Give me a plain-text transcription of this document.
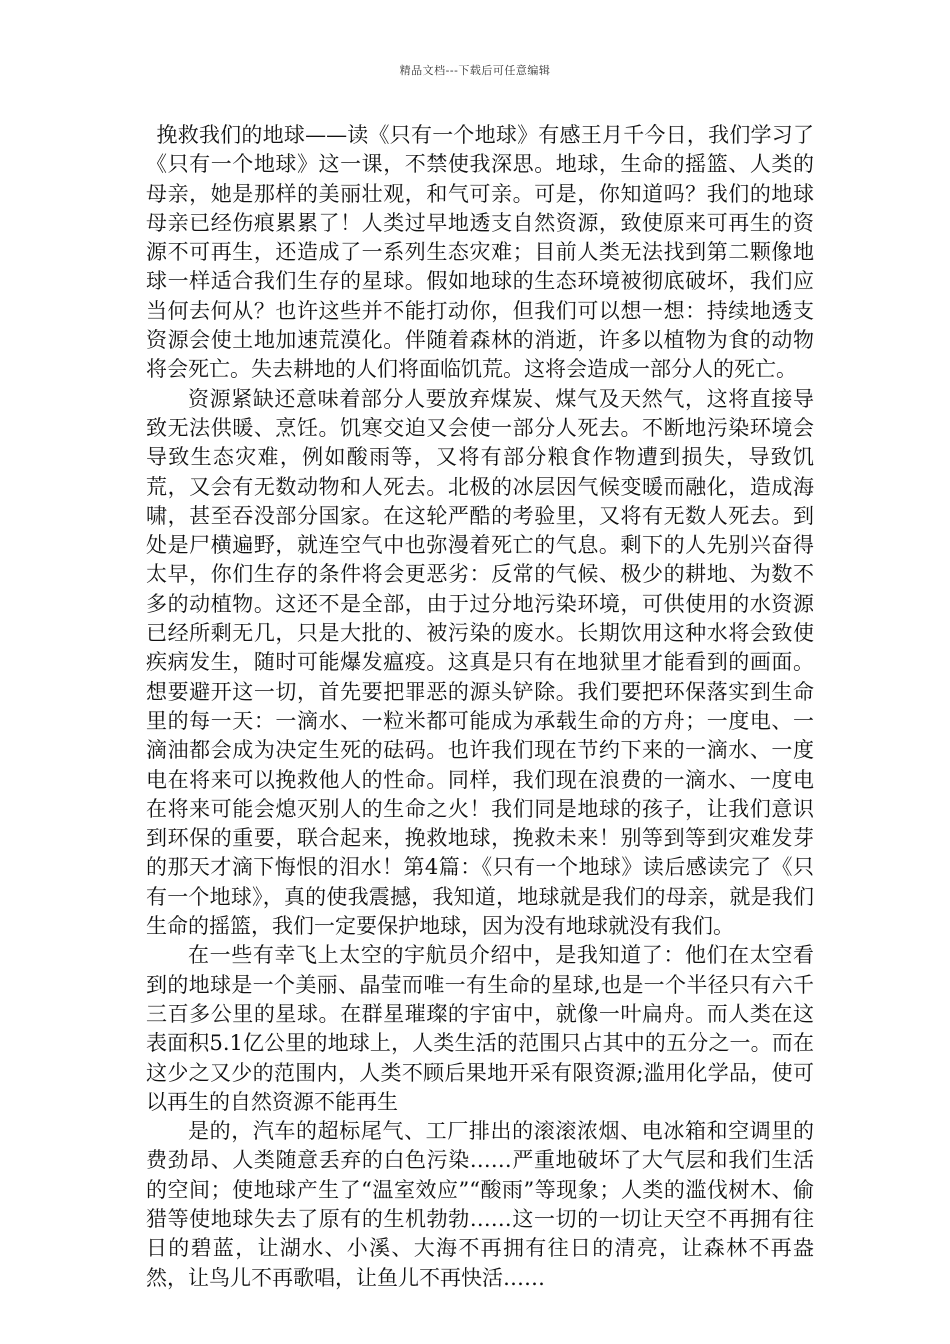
精品文档---下载后可任意编辑

挽救我们的地球——读《只有一个地球》有感王月千今日，我们学习了《只有一个地球》这一课，不禁使我深思。地球，生命的摇篮、人类的母亲，她是那样的美丽壮观，和气可亲。可是，你知道吗？我们的地球母亲已经伤痕累累了！人类过早地透支自然资源，致使原来可再生的资源不可再生，还造成了一系列生态灾难；目前人类无法找到第二颗像地球一样适合我们生存的星球。假如地球的生态环境被彻底破坏，我们应当何去何从？也许这些并不能打动你，但我们可以想一想：持续地透支资源会使土地加速荒漠化。伴随着森林的消逝，许多以植物为食的动物将会死亡。失去耕地的人们将面临饥荒。这将会造成一部分人的死亡。

资源紧缺还意味着部分人要放弃煤炭、煤气及天然气，这将直接导致无法供暖、烹饪。饥寒交迫又会使一部分人死去。不断地污染环境会导致生态灾难，例如酸雨等，又将有部分粮食作物遭到损失，导致饥荒，又会有无数动物和人死去。北极的冰层因气候变暖而融化，造成海啸，甚至吞没部分国家。在这轮严酷的考验里，又将有无数人死去。到处是尸横遍野，就连空气中也弥漫着死亡的气息。剩下的人先别兴奋得太早，你们生存的条件将会更恶劣：反常的气候、极少的耕地、为数不多的动植物。这还不是全部，由于过分地污染环境，可供使用的水资源已经所剩无几，只是大批的、被污染的废水。长期饮用这种水将会致使疾病发生，随时可能爆发瘟疫。这真是只有在地狱里才能看到的画面。想要避开这一切，首先要把罪恶的源头铲除。我们要把环保落实到生命里的每一天：一滴水、一粒米都可能成为承载生命的方舟；一度电、一滴油都会成为决定生死的砝码。也许我们现在节约下来的一滴水、一度电在将来可以挽救他人的性命。同样，我们现在浪费的一滴水、一度电在将来可能会熄灭别人的生命之火！我们同是地球的孩子，让我们意识到环保的重要，联合起来，挽救地球，挽救未来！别等到等到灾难发芽的那天才滴下悔恨的泪水！第4篇：《只有一个地球》读后感读完了《只有一个地球》，真的使我震撼，我知道，地球就是我们的母亲，就是我们生命的摇篮，我们一定要保护地球，因为没有地球就没有我们。

在一些有幸飞上太空的宇航员介绍中，是我知道了：他们在太空看到的地球是一个美丽、晶莹而唯一有生命的星球,也是一个半径只有六千三百多公里的星球。在群星璀璨的宇宙中，就像一叶扁舟。而人类在这表面积5.1亿公里的地球上，人类生活的范围只占其中的五分之一。而在这少之又少的范围内，人类不顾后果地开采有限资源;滥用化学品，使可以再生的自然资源不能再生

是的，汽车的超标尾气、工厂排出的滚滚浓烟、电冰箱和空调里的费劲昂、人类随意丢弃的白色污染……严重地破坏了大气层和我们生活的空间；使地球产生了“温室效应”“酸雨”等现象；人类的滥伐树木、偷猎等使地球失去了原有的生机勃勃……这一切的一切让天空不再拥有往日的碧蓝，让湖水、小溪、大海不再拥有往日的清亮，让森林不再盎然，让鸟儿不再歌唱，让鱼儿不再快活……
